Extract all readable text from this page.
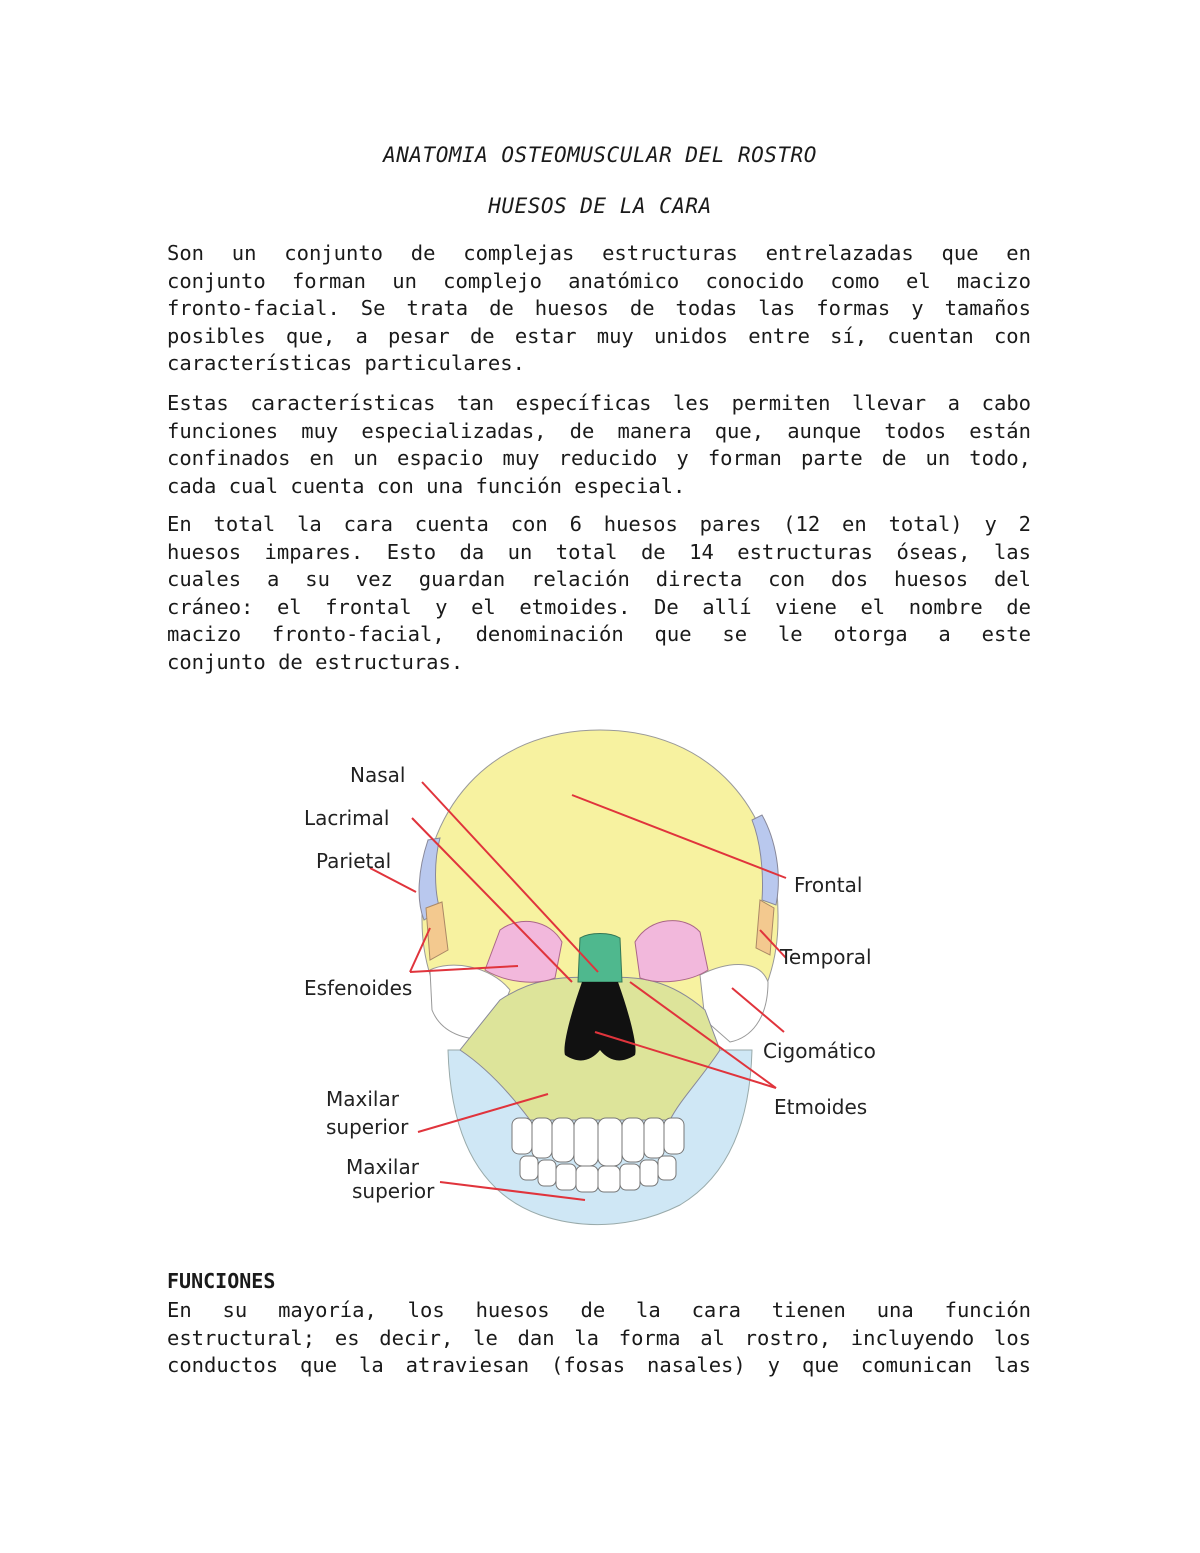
ANATOMIA OSTEOMUSCULAR DEL ROSTRO
HUESOS DE LA CARA
Son un conjunto de complejas estructuras entrelazadas que en
conjunto forman un complejo anatómico conocido como el macizo
fronto-facial. Se trata de huesos de todas las formas y tamaños
posibles que, a pesar de estar muy unidos entre sí, cuentan con
características particulares.
Estas características tan específicas les permiten llevar a cabo
funciones muy especializadas, de manera que, aunque todos están
confinados en un espacio muy reducido y forman parte de un todo,
cada cual cuenta con una función especial.
En total la cara cuenta con 6 huesos pares (12 en total) y 2
huesos impares. Esto da un total de 14 estructuras óseas, las
cuales a su vez guardan relación directa con dos huesos del
cráneo: el frontal y el etmoides. De allí viene el nombre de
macizo fronto-facial, denominación que se le otorga a este
conjunto de estructuras.
Nasal
Lacrimal
Parietal
Esfenoides
Maxilar
superior
Maxilar
superior
Frontal
Temporal
Cigomático
Etmoides
FUNCIONES
En su mayoría, los huesos de la cara tienen una función
estructural; es decir, le dan la forma al rostro, incluyendo los
conductos que la atraviesan (fosas nasales) y que comunican las
